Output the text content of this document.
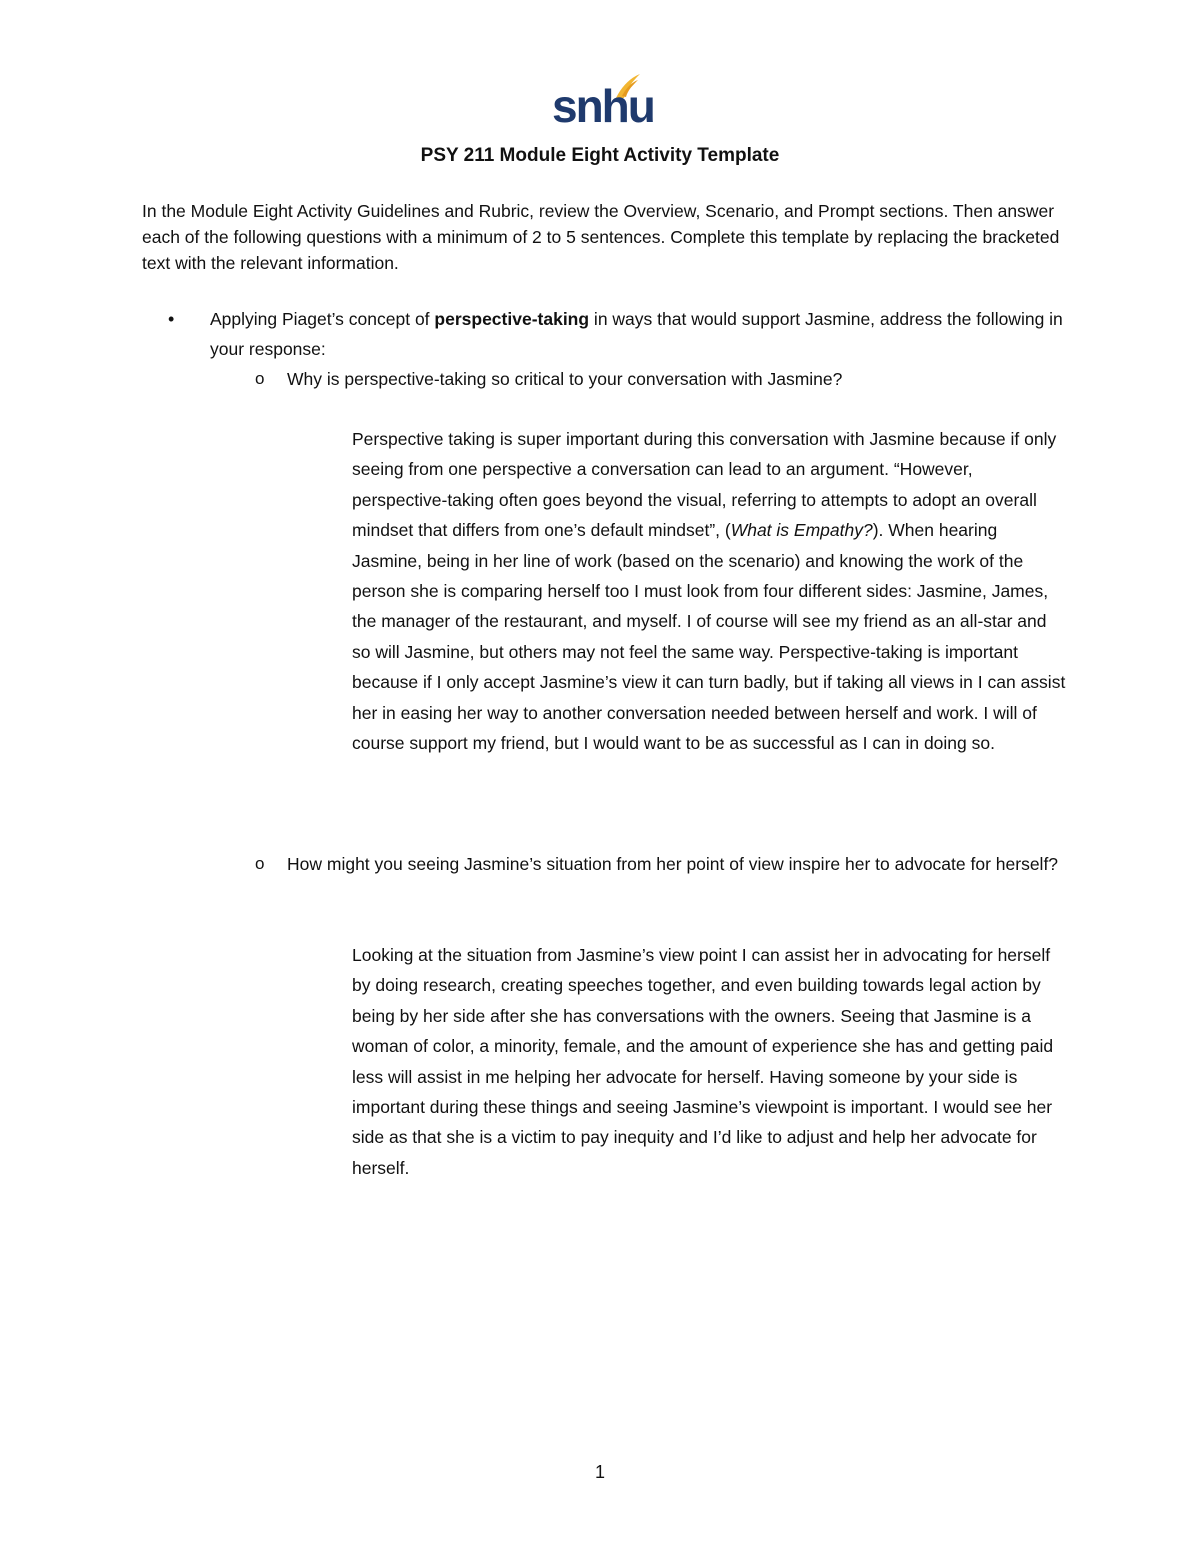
snhu
PSY 211 Module Eight Activity Template

In the Module Eight Activity Guidelines and Rubric, review the Overview, Scenario, and Prompt sections. Then answer each of the following questions with a minimum of 2 to 5 sentences. Complete this template by replacing the bracketed text with the relevant information.

• Applying Piaget’s concept of perspective-taking in ways that would support Jasmine, address the following in your response:
o Why is perspective-taking so critical to your conversation with Jasmine?

Perspective taking is super important during this conversation with Jasmine because if only seeing from one perspective a conversation can lead to an argument. “However, perspective-taking often goes beyond the visual, referring to attempts to adopt an overall mindset that differs from one’s default mindset”, (What is Empathy?). When hearing Jasmine, being in her line of work (based on the scenario) and knowing the work of the person she is comparing herself too I must look from four different sides: Jasmine, James, the manager of the restaurant, and myself. I of course will see my friend as an all-star and so will Jasmine, but others may not feel the same way. Perspective-taking is important because if I only accept Jasmine’s view it can turn badly, but if taking all views in I can assist her in easing her way to another conversation needed between herself and work. I will of course support my friend, but I would want to be as successful as I can in doing so.

o How might you seeing Jasmine’s situation from her point of view inspire her to advocate for herself?

Looking at the situation from Jasmine’s view point I can assist her in advocating for herself by doing research, creating speeches together, and even building towards legal action by being by her side after she has conversations with the owners. Seeing that Jasmine is a woman of color, a minority, female, and the amount of experience she has and getting paid less will assist in me helping her advocate for herself. Having someone by your side is important during these things and seeing Jasmine’s viewpoint is important. I would see her side as that she is a victim to pay inequity and I’d like to adjust and help her advocate for herself.

1
